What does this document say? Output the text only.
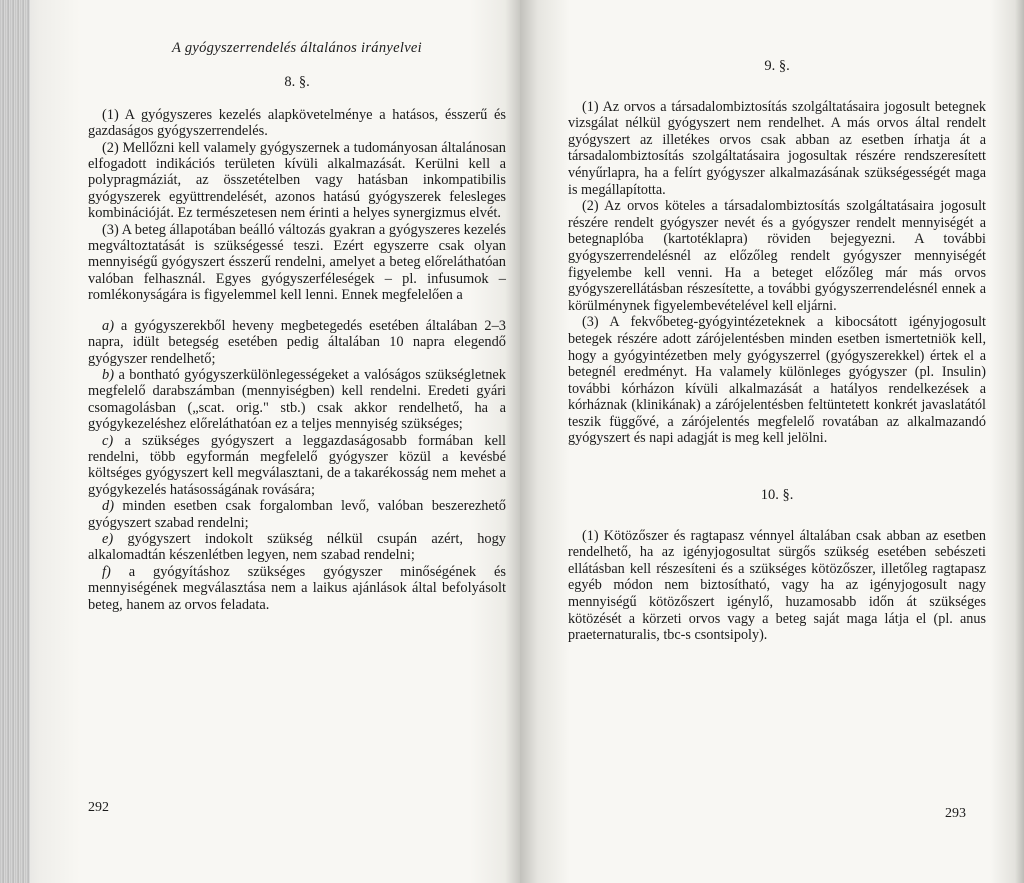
A gyógyszerrendelés általános irányelvei

8. §.

(1) A gyógyszeres kezelés alapkövetelménye a hatásos, ésszerű és gazdaságos gyógyszerrendelés.

(2) Mellőzni kell valamely gyógyszernek a tudományosan általánosan elfogadott indikációs területen kívüli alkalmazását. Kerülni kell a polypragmáziát, az összetételben vagy hatásban inkompatibilis gyógyszerek együttrendelését, azonos hatású gyógyszerek felesleges kombinációját. Ez természetesen nem érinti a helyes synergizmus elvét.

(3) A beteg állapotában beálló változás gyakran a gyógyszeres kezelés megváltoztatását is szükségessé teszi. Ezért egyszerre csak olyan mennyiségű gyógyszert ésszerű rendelni, amelyet a beteg előreláthatóan valóban felhasznál. Egyes gyógyszerféleségek – pl. infusumok – romlékonyságára is figyelemmel kell lenni. Ennek megfelelően a

a) a gyógyszerekből heveny megbetegedés esetében általában 2–3 napra, idült betegség esetében pedig általában 10 napra elegendő gyógyszer rendelhető;

b) a bontható gyógyszerkülönlegességeket a valóságos szükségletnek megfelelő darabszámban (mennyiségben) kell rendelni. Eredeti gyári csomagolásban („scat. orig." stb.) csak akkor rendelhető, ha a gyógykezeléshez előreláthatóan ez a teljes mennyiség szükséges;

c) a szükséges gyógyszert a leggazdaságosabb formában kell rendelni, több egyformán megfelelő gyógyszer közül a kevésbé költséges gyógyszert kell megválasztani, de a takarékosság nem mehet a gyógykezelés hatásosságának rovására;

d) minden esetben csak forgalomban levő, valóban beszerezhető gyógyszert szabad rendelni;

e) gyógyszert indokolt szükség nélkül csupán azért, hogy alkalomadtán készenlétben legyen, nem szabad rendelni;

f) a gyógyításhoz szükséges gyógyszer minőségének és mennyiségének megválasztása nem a laikus ajánlások által befolyásolt beteg, hanem az orvos feladata.

292

9. §.

(1) Az orvos a társadalombiztosítás szolgáltatásaira jogosult betegnek vizsgálat nélkül gyógyszert nem rendelhet. A más orvos által rendelt gyógyszert az illetékes orvos csak abban az esetben írhatja át a társadalombiztosítás szolgáltatásaira jogosultak részére rendszeresített vényűrlapra, ha a felírt gyógyszer alkalmazásának szükségességét maga is megállapította.

(2) Az orvos köteles a társadalombiztosítás szolgáltatásaira jogosult részére rendelt gyógyszer nevét és a gyógyszer rendelt mennyiségét a betegnaplóba (kartotéklapra) röviden bejegyezni. A további gyógyszerrendelésnél az előzőleg rendelt gyógyszer mennyiségét figyelembe kell venni. Ha a beteget előzőleg már más orvos gyógyszerellátásban részesítette, a további gyógyszerrendelésnél ennek a körülménynek figyelembevételével kell eljárni.

(3) A fekvőbeteg-gyógyintézeteknek a kibocsátott igényjogosult betegek részére adott zárójelentésben minden esetben ismertetniök kell, hogy a gyógyintézetben mely gyógyszerrel (gyógyszerekkel) értek el a betegnél eredményt. Ha valamely különleges gyógyszer (pl. Insulin) további kórházon kívüli alkalmazását a hatályos rendelkezések a kórháznak (klinikának) a zárójelentésben feltüntetett konkrét javaslatától teszik függővé, a zárójelentés megfelelő rovatában az alkalmazandó gyógyszert és napi adagját is meg kell jelölni.

10. §.

(1) Kötözőszer és ragtapasz vénnyel általában csak abban az esetben rendelhető, ha az igényjogosultat sürgős szükség esetében sebészeti ellátásban kell részesíteni és a szükséges kötözőszer, illetőleg ragtapasz egyéb módon nem biztosítható, vagy ha az igényjogosult nagy mennyiségű kötözőszert igénylő, huzamosabb időn át szükséges kötözését a körzeti orvos vagy a beteg saját maga látja el (pl. anus praeternaturalis, tbc-s csontsipoly).

293
